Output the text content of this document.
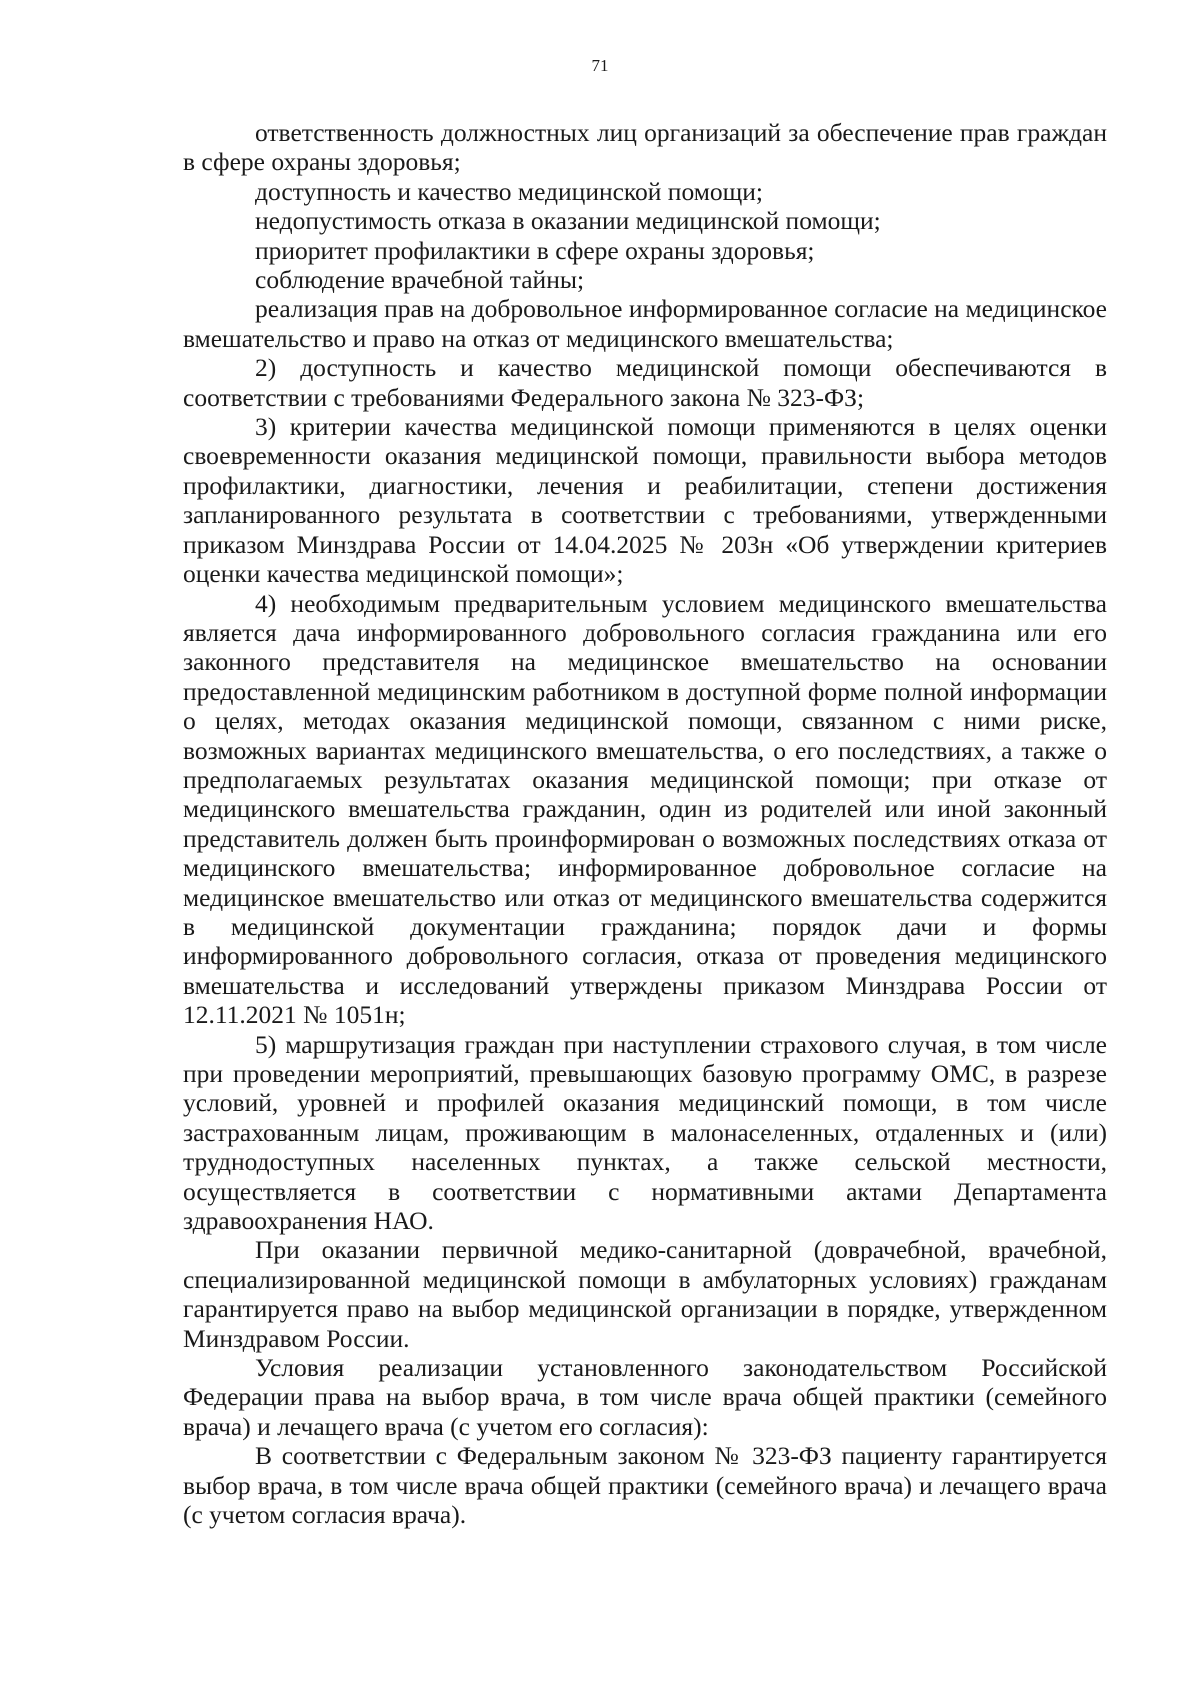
71

ответственность должностных лиц организаций за обеспечение прав граждан в сфере охраны здоровья;

доступность и качество медицинской помощи;

недопустимость отказа в оказании медицинской помощи;

приоритет профилактики в сфере охраны здоровья;

соблюдение врачебной тайны;

реализация прав на добровольное информированное согласие на медицинское вмешательство и право на отказ от медицинского вмешательства;

2) доступность и качество медицинской помощи обеспечиваются в соответствии с требованиями Федерального закона № 323-ФЗ;

3) критерии качества медицинской помощи применяются в целях оценки своевременности оказания медицинской помощи, правильности выбора методов профилактики, диагностики, лечения и реабилитации, степени достижения запланированного результата в соответствии с требованиями, утвержденными приказом Минздрава России от 14.04.2025 № 203н «Об утверждении критериев оценки качества медицинской помощи»;

4) необходимым предварительным условием медицинского вмешательства является дача информированного добровольного согласия гражданина или его законного представителя на медицинское вмешательство на основании предоставленной медицинским работником в доступной форме полной информации о целях, методах оказания медицинской помощи, связанном с ними риске, возможных вариантах медицинского вмешательства, о его последствиях, а также о предполагаемых результатах оказания медицинской помощи; при отказе от медицинского вмешательства гражданин, один из родителей или иной законный представитель должен быть проинформирован о возможных последствиях отказа от медицинского вмешательства; информированное добровольное согласие на медицинское вмешательство или отказ от медицинского вмешательства содержится в медицинской документации гражданина; порядок дачи и формы информированного добровольного согласия, отказа от проведения медицинского вмешательства и исследований утверждены приказом Минздрава России от 12.11.2021 № 1051н;

5) маршрутизация граждан при наступлении страхового случая, в том числе при проведении мероприятий, превышающих базовую программу ОМС, в разрезе условий, уровней и профилей оказания медицинский помощи, в том числе застрахованным лицам, проживающим в малонаселенных, отдаленных и (или) труднодоступных населенных пунктах, а также сельской местности, осуществляется в соответствии с нормативными актами Департамента здравоохранения НАО.

При оказании первичной медико-санитарной (доврачебной, врачебной, специализированной медицинской помощи в амбулаторных условиях) гражданам гарантируется право на выбор медицинской организации в порядке, утвержденном Минздравом России.

Условия реализации установленного законодательством Российской Федерации права на выбор врача, в том числе врача общей практики (семейного врача) и лечащего врача (с учетом его согласия):

В соответствии с Федеральным законом № 323-ФЗ пациенту гарантируется выбор врача, в том числе врача общей практики (семейного врача) и лечащего врача (с учетом согласия врача).
